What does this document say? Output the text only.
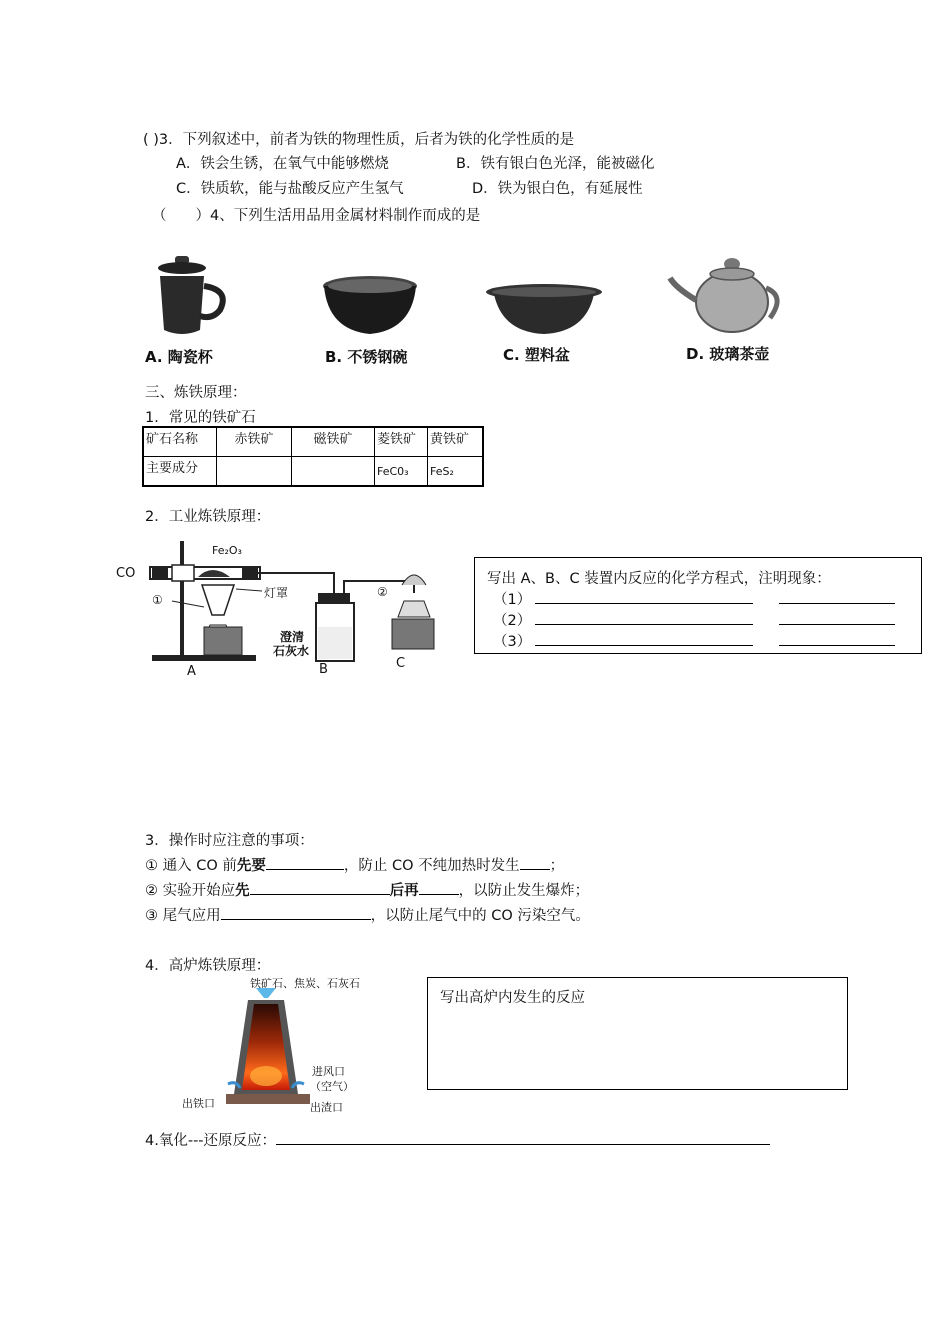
( )3．下列叙述中，前者为铁的物理性质，后者为铁的化学性质的是
A．铁会生锈，在氧气中能够燃烧	B．铁有银白色光泽，能被磁化
C．铁质软，能与盐酸反应产生氢气	D．铁为银白色，有延展性
（　　）4、下列生活用品用金属材料制作而成的是
A. 陶瓷杯	B. 不锈钢碗	C. 塑料盆	D. 玻璃茶壶
三、炼铁原理：
1．常见的铁矿石
矿石名称	赤铁矿	磁铁矿	菱铁矿	黄铁矿
主要成分			FeC0₃	FeS₂
2．工业炼铁原理：
CO
Fe₂O₃
灯罩
①
②
澄清
石灰水
A	B	C
写出 A、B、C 装置内反应的化学方程式，注明现象：
（1）
（2）
（3）
3．操作时应注意的事项：
① 通入 CO 前先要	，防止 CO 不纯加热时发生 ；
② 实验开始应先	后再	，以防止发生爆炸；
③ 尾气应用	，以防止尾气中的 CO 污染空气。
4．高炉炼铁原理：
铁矿石、焦炭、石灰石
进风口
（空气）
出铁口	出渣口
写出高炉内发生的反应
4.氧化---还原反应：
